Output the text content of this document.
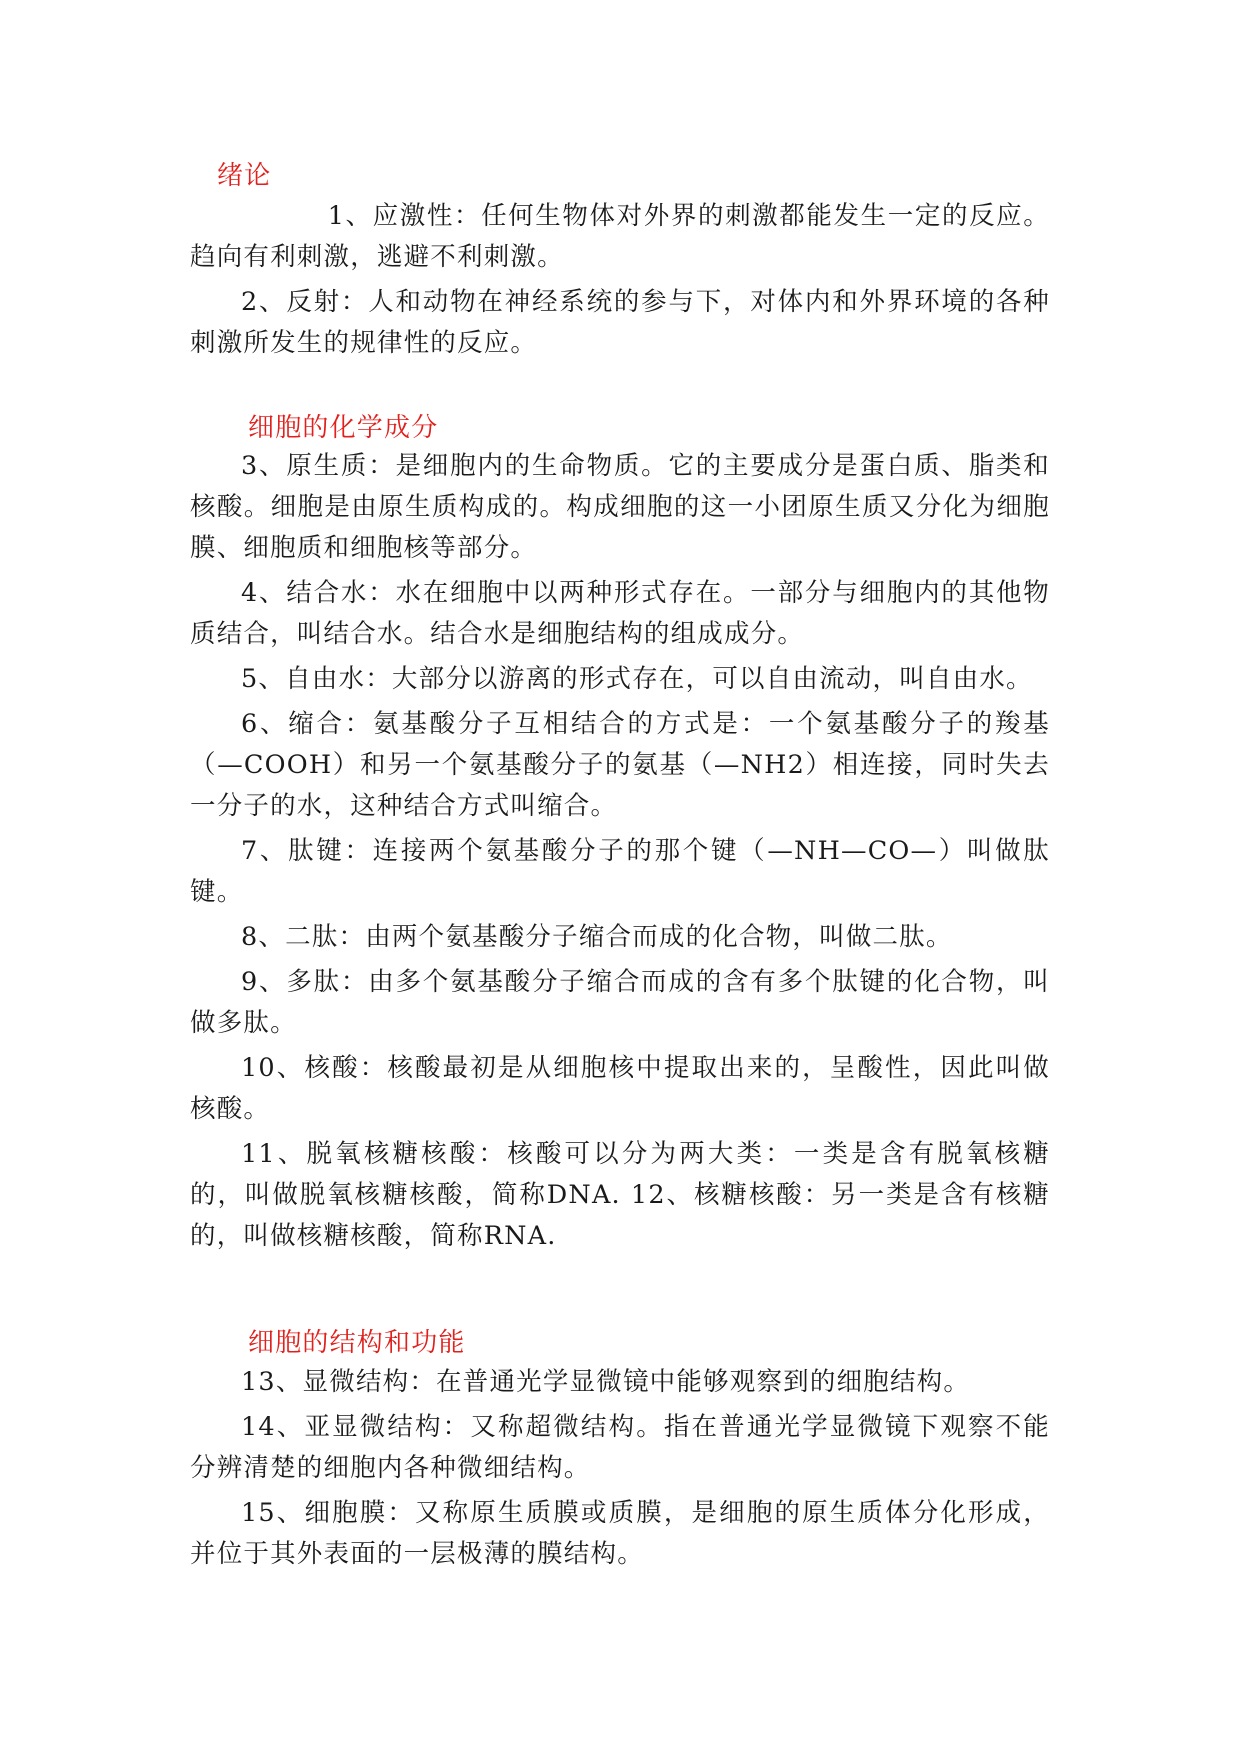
绪论

1、应激性：任何生物体对外界的刺激都能发生一定的反应。趋向有利刺激，逃避不利刺激。

2、反射：人和动物在神经系统的参与下，对体内和外界环境的各种刺激所发生的规律性的反应。

细胞的化学成分

3、原生质：是细胞内的生命物质。它的主要成分是蛋白质、脂类和核酸。细胞是由原生质构成的。构成细胞的这一小团原生质又分化为细胞膜、细胞质和细胞核等部分。

4、结合水：水在细胞中以两种形式存在。一部分与细胞内的其他物质结合，叫结合水。结合水是细胞结构的组成成分。

5、自由水：大部分以游离的形式存在，可以自由流动，叫自由水。

6、缩合：氨基酸分子互相结合的方式是：一个氨基酸分子的羧基（—COOH）和另一个氨基酸分子的氨基（—NH2）相连接，同时失去一分子的水，这种结合方式叫缩合。

7、肽键：连接两个氨基酸分子的那个键（—NH—CO—）叫做肽键。

8、二肽：由两个氨基酸分子缩合而成的化合物，叫做二肽。

9、多肽：由多个氨基酸分子缩合而成的含有多个肽键的化合物，叫做多肽。

10、核酸：核酸最初是从细胞核中提取出来的，呈酸性，因此叫做核酸。

11、脱氧核糖核酸：核酸可以分为两大类：一类是含有脱氧核糖的，叫做脱氧核糖核酸，简称DNA. 12、核糖核酸：另一类是含有核糖的，叫做核糖核酸，简称RNA.

细胞的结构和功能

13、显微结构：在普通光学显微镜中能够观察到的细胞结构。

14、亚显微结构：又称超微结构。指在普通光学显微镜下观察不能分辨清楚的细胞内各种微细结构。

15、细胞膜：又称原生质膜或质膜，是细胞的原生质体分化形成，并位于其外表面的一层极薄的膜结构。
